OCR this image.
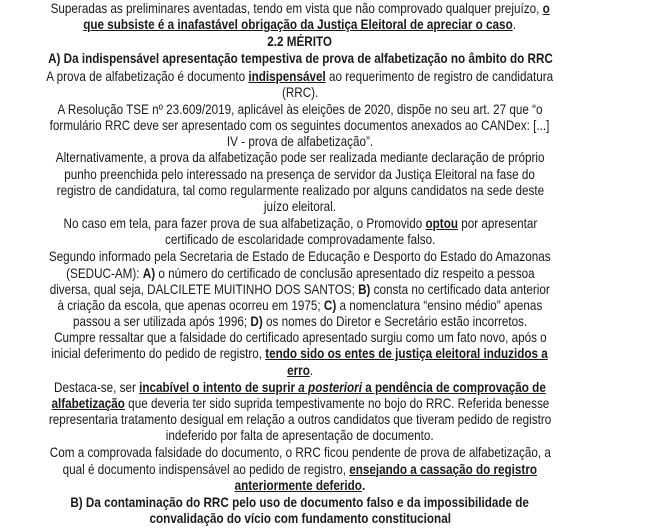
Superadas as preliminares aventadas, tendo em vista que não comprovado qualquer prejuízo, o
que subsiste é a inafastável obrigação da Justiça Eleitoral de apreciar o caso.
2.2 MÉRITO
A) Da indispensável apresentação tempestiva de prova de alfabetização no âmbito do RRC
A prova de alfabetização é documento indispensável ao requerimento de registro de candidatura
(RRC).
A Resolução TSE nº 23.609/2019, aplicável às eleições de 2020, dispõe no seu art. 27 que “o
formulário RRC deve ser apresentado com os seguintes documentos anexados ao CANDex: [...]
IV - prova de alfabetização”.
Alternativamente, a prova da alfabetização pode ser realizada mediante declaração de próprio
punho preenchida pelo interessado na presença de servidor da Justiça Eleitoral na fase do
registro de candidatura, tal como regularmente realizado por alguns candidatos na sede deste
juízo eleitoral.
No caso em tela, para fazer prova de sua alfabetização, o Promovido optou por apresentar
certificado de escolaridade comprovadamente falso.
Segundo informado pela Secretaria de Estado de Educação e Desporto do Estado do Amazonas
(SEDUC-AM): A) o número do certificado de conclusão apresentado diz respeito a pessoa
diversa, qual seja, DALCILETE MUITINHO DOS SANTOS; B) consta no certificado data anterior
à criação da escola, que apenas ocorreu em 1975; C) a nomenclatura “ensino médio” apenas
passou a ser utilizada após 1996; D) os nomes do Diretor e Secretário estão incorretos.
Cumpre ressaltar que a falsidade do certificado apresentado surgiu como um fato novo, após o
inicial deferimento do pedido de registro, tendo sido os entes de justiça eleitoral induzidos a
erro.
Destaca-se, ser incabível o intento de suprir a posteriori a pendência de comprovação de
alfabetização que deveria ter sido suprida tempestivamente no bojo do RRC. Referida benesse
representaria tratamento desigual em relação a outros candidatos que tiveram pedido de registro
indeferido por falta de apresentação de documento.
Com a comprovada falsidade do documento, o RRC ficou pendente de prova de alfabetização, a
qual é documento indispensável ao pedido de registro, ensejando a cassação do registro
anteriormente deferido.
B) Da contaminação do RRC pelo uso de documento falso e da impossibilidade de
convalidação do vício com fundamento constitucional
